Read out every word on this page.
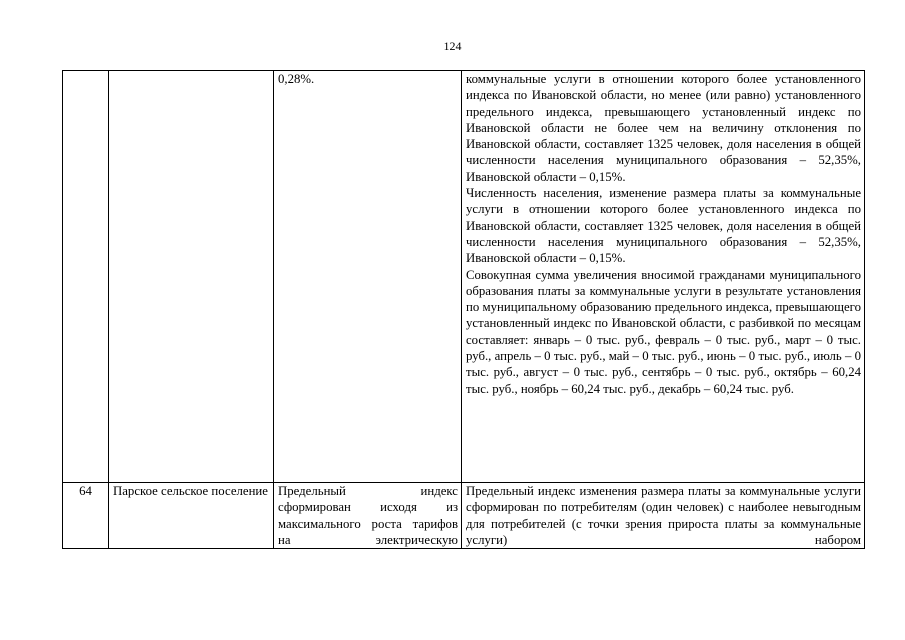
124
		0,28%.	коммунальные услуги в отношении которого более установленного индекса по Ивановской области, но менее (или равно) установленного предельного индекса, превышающего установленный индекс по Ивановской области не более чем на величину отклонения по Ивановской области, составляет 1325 человек, доля населения в общей численности населения муниципального образования – 52,35%, Ивановской области – 0,15%.

Численность населения, изменение размера платы за коммунальные услуги в отношении которого более установленного индекса по Ивановской области, составляет 1325 человек, доля населения в общей численности населения муниципального образования – 52,35%, Ивановской области – 0,15%.

Совокупная сумма увеличения вносимой гражданами муниципального образования платы за коммунальные услуги в результате установления по муниципальному образованию предельного индекса, превышающего установленный индекс по Ивановской области, с разбивкой по месяцам составляет: январь – 0 тыс. руб., февраль – 0 тыс. руб., март – 0 тыс. руб., апрель – 0 тыс. руб., май – 0 тыс. руб., июнь – 0 тыс. руб., июль – 0 тыс. руб., август – 0 тыс. руб., сентябрь – 0 тыс. руб., октябрь – 60,24 тыс. руб., ноябрь – 60,24 тыс. руб., декабрь – 60,24 тыс. руб.

64	Парское сельское поселение	Предельный индекс сформирован исходя из максимального роста тарифов на электрическую	Предельный индекс изменения размера платы за коммунальные услуги сформирован по потребителям (один человек) с наиболее невыгодным для потребителей (с точки зрения прироста платы за коммунальные услуги) набором
